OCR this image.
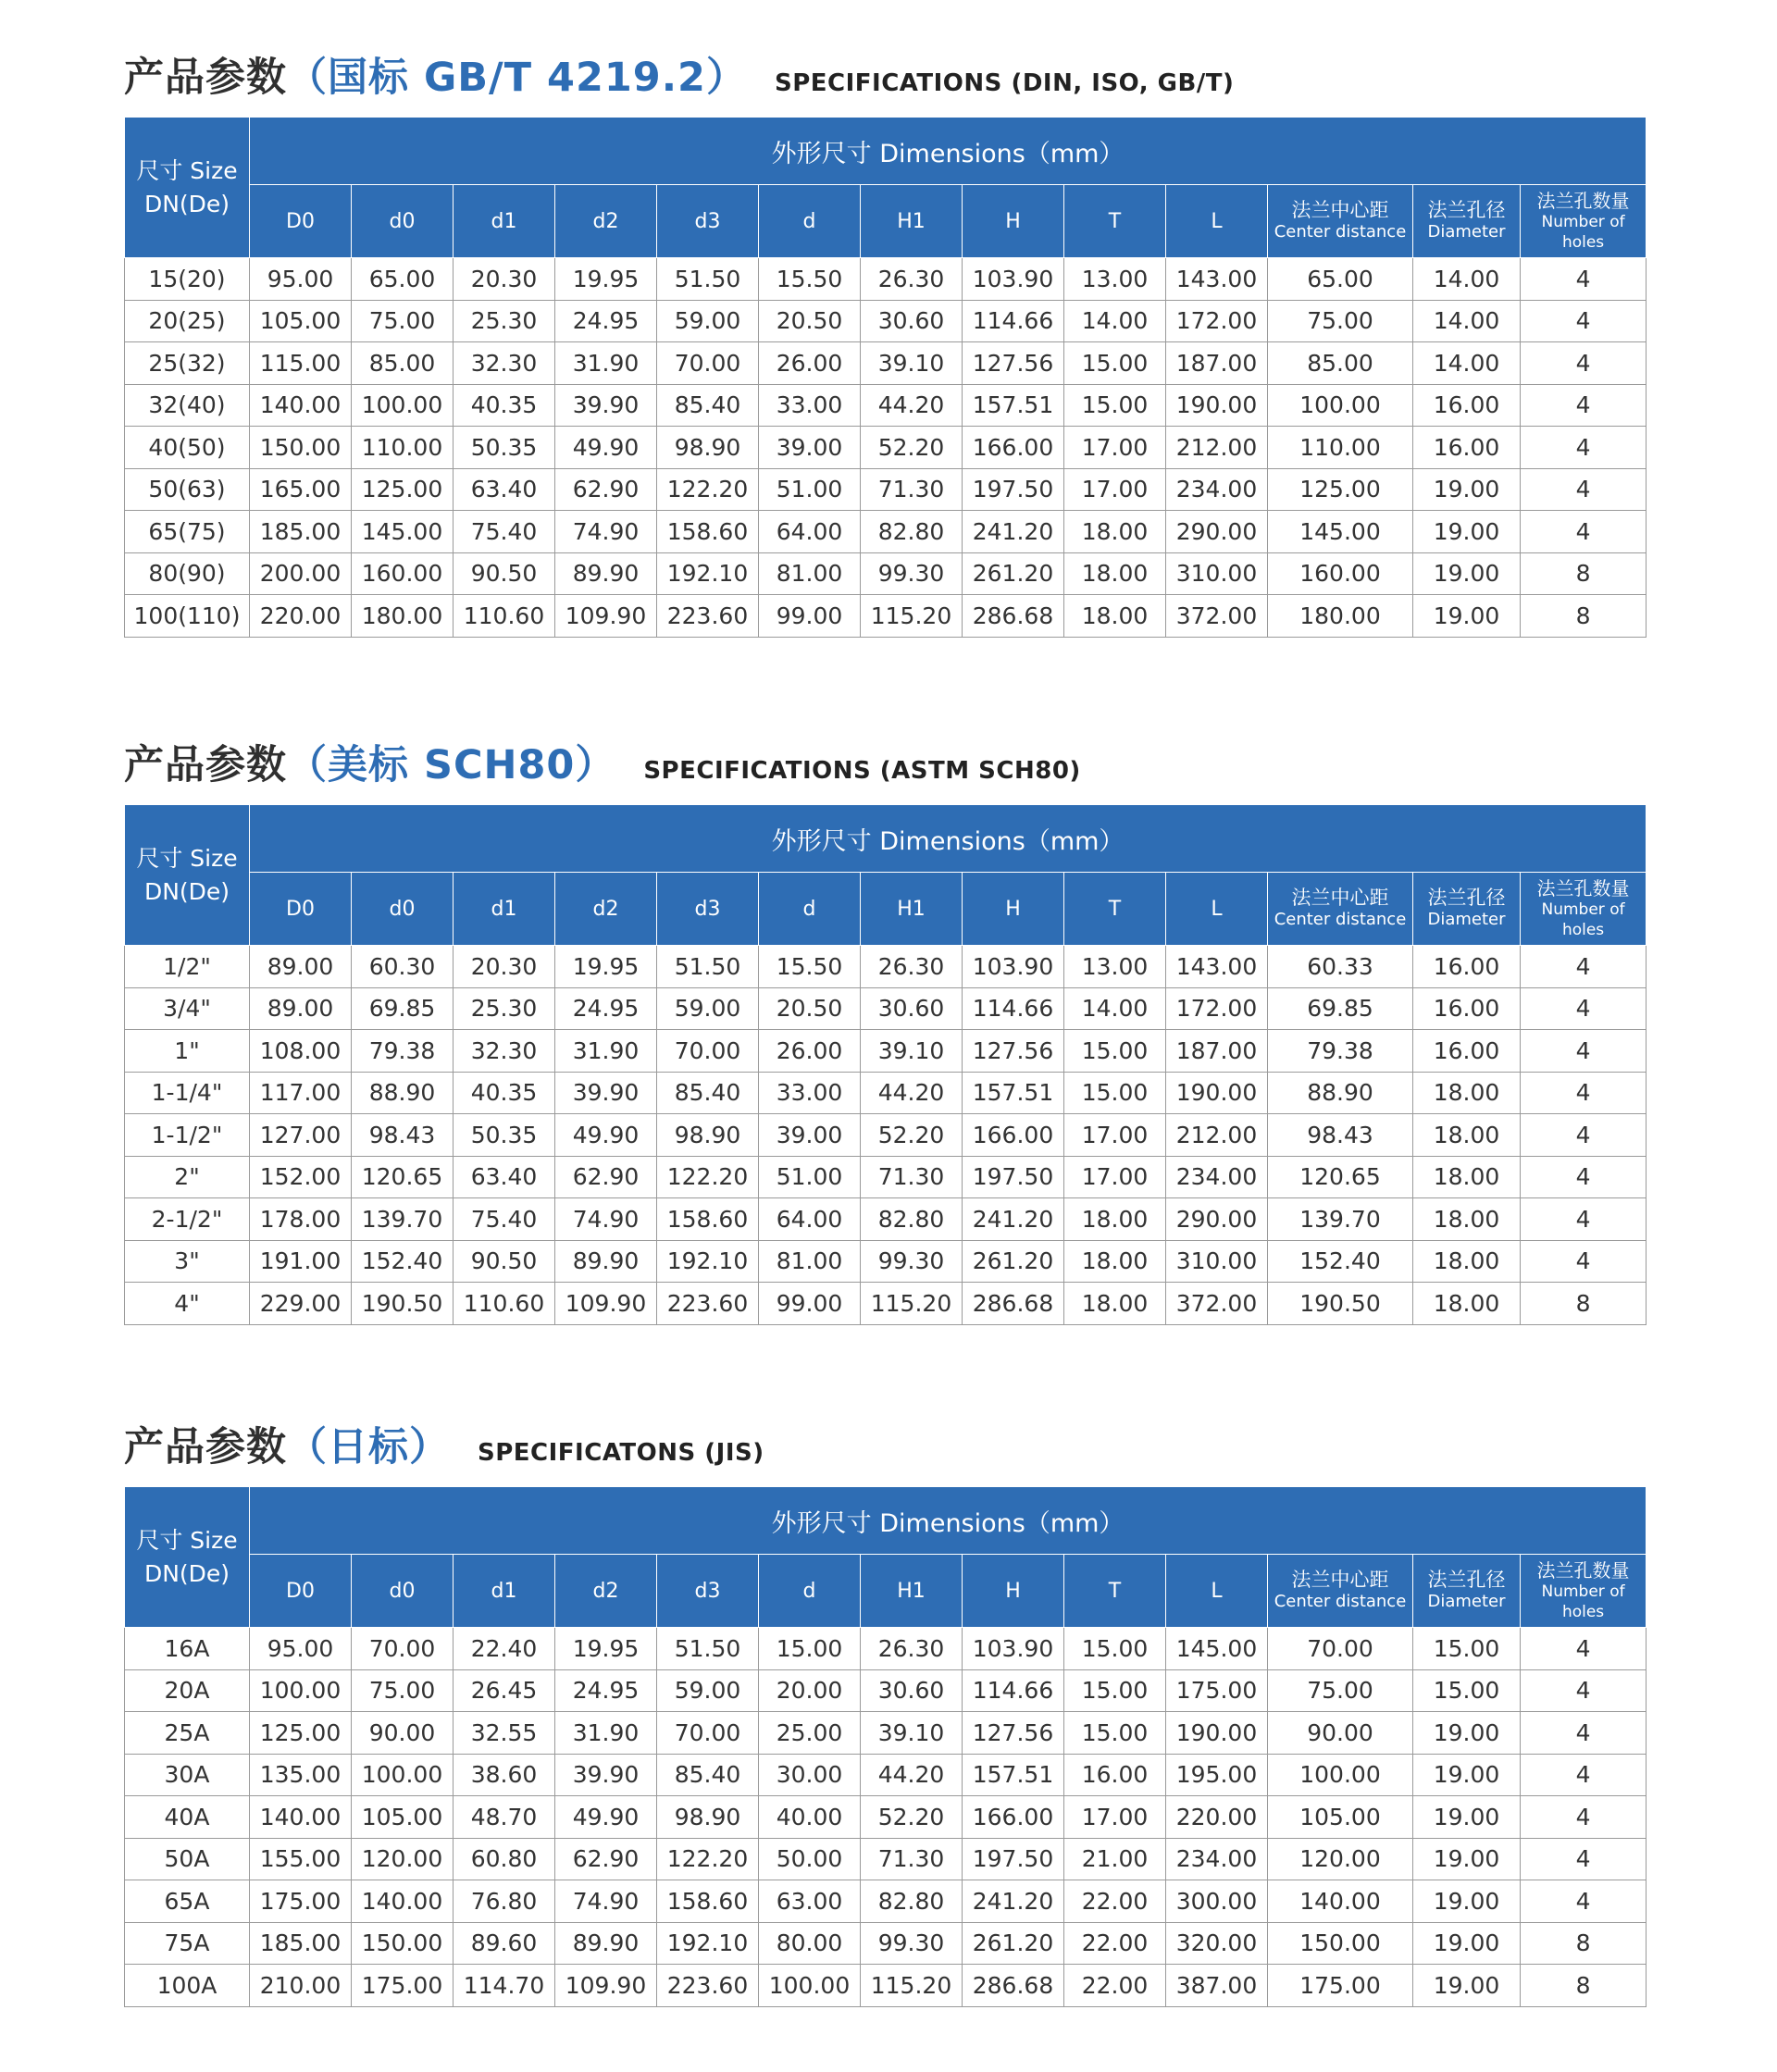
产品参数 （国标 GB/T 4219.2） SPECIFICATIONS (DIN, ISO, GB/T)
尺寸 Size
DN(De)	外形尺寸 Dimensions（mm）												
	D0	d0	d1	d2	d3	d	H1	H	T	L	法兰中心距
Center distance	法兰孔径
Diameter	法兰孔数量
Number of holes

15(20)	95.00	65.00	20.30	19.95	51.50	15.50	26.30	103.90	13.00	143.00	65.00	14.00	4
20(25)	105.00	75.00	25.30	24.95	59.00	20.50	30.60	114.66	14.00	172.00	75.00	14.00	4
25(32)	115.00	85.00	32.30	31.90	70.00	26.00	39.10	127.56	15.00	187.00	85.00	14.00	4
32(40)	140.00	100.00	40.35	39.90	85.40	33.00	44.20	157.51	15.00	190.00	100.00	16.00	4
40(50)	150.00	110.00	50.35	49.90	98.90	39.00	52.20	166.00	17.00	212.00	110.00	16.00	4
50(63)	165.00	125.00	63.40	62.90	122.20	51.00	71.30	197.50	17.00	234.00	125.00	19.00	4
65(75)	185.00	145.00	75.40	74.90	158.60	64.00	82.80	241.20	18.00	290.00	145.00	19.00	4
80(90)	200.00	160.00	90.50	89.90	192.10	81.00	99.30	261.20	18.00	310.00	160.00	19.00	8
100(110)	220.00	180.00	110.60	109.90	223.60	99.00	115.20	286.68	18.00	372.00	180.00	19.00	8
产品参数 （美标 SCH80） SPECIFICATIONS (ASTM SCH80)
尺寸 Size
DN(De)	外形尺寸 Dimensions（mm）												
	D0	d0	d1	d2	d3	d	H1	H	T	L	法兰中心距
Center distance	法兰孔径
Diameter	法兰孔数量
Number of holes

1/2"	89.00	60.30	20.30	19.95	51.50	15.50	26.30	103.90	13.00	143.00	60.33	16.00	4
3/4"	89.00	69.85	25.30	24.95	59.00	20.50	30.60	114.66	14.00	172.00	69.85	16.00	4
1"	108.00	79.38	32.30	31.90	70.00	26.00	39.10	127.56	15.00	187.00	79.38	16.00	4
1-1/4"	117.00	88.90	40.35	39.90	85.40	33.00	44.20	157.51	15.00	190.00	88.90	18.00	4
1-1/2"	127.00	98.43	50.35	49.90	98.90	39.00	52.20	166.00	17.00	212.00	98.43	18.00	4
2"	152.00	120.65	63.40	62.90	122.20	51.00	71.30	197.50	17.00	234.00	120.65	18.00	4
2-1/2"	178.00	139.70	75.40	74.90	158.60	64.00	82.80	241.20	18.00	290.00	139.70	18.00	4
3"	191.00	152.40	90.50	89.90	192.10	81.00	99.30	261.20	18.00	310.00	152.40	18.00	4
4"	229.00	190.50	110.60	109.90	223.60	99.00	115.20	286.68	18.00	372.00	190.50	18.00	8
产品参数 （日标） SPECIFICATONS (JIS)
尺寸 Size
DN(De)	外形尺寸 Dimensions（mm）												
	D0	d0	d1	d2	d3	d	H1	H	T	L	法兰中心距
Center distance	法兰孔径
Diameter	法兰孔数量
Number of holes

16A	95.00	70.00	22.40	19.95	51.50	15.00	26.30	103.90	15.00	145.00	70.00	15.00	4
20A	100.00	75.00	26.45	24.95	59.00	20.00	30.60	114.66	15.00	175.00	75.00	15.00	4
25A	125.00	90.00	32.55	31.90	70.00	25.00	39.10	127.56	15.00	190.00	90.00	19.00	4
30A	135.00	100.00	38.60	39.90	85.40	30.00	44.20	157.51	16.00	195.00	100.00	19.00	4
40A	140.00	105.00	48.70	49.90	98.90	40.00	52.20	166.00	17.00	220.00	105.00	19.00	4
50A	155.00	120.00	60.80	62.90	122.20	50.00	71.30	197.50	21.00	234.00	120.00	19.00	4
65A	175.00	140.00	76.80	74.90	158.60	63.00	82.80	241.20	22.00	300.00	140.00	19.00	4
75A	185.00	150.00	89.60	89.90	192.10	80.00	99.30	261.20	22.00	320.00	150.00	19.00	8
100A	210.00	175.00	114.70	109.90	223.60	100.00	115.20	286.68	22.00	387.00	175.00	19.00	8
